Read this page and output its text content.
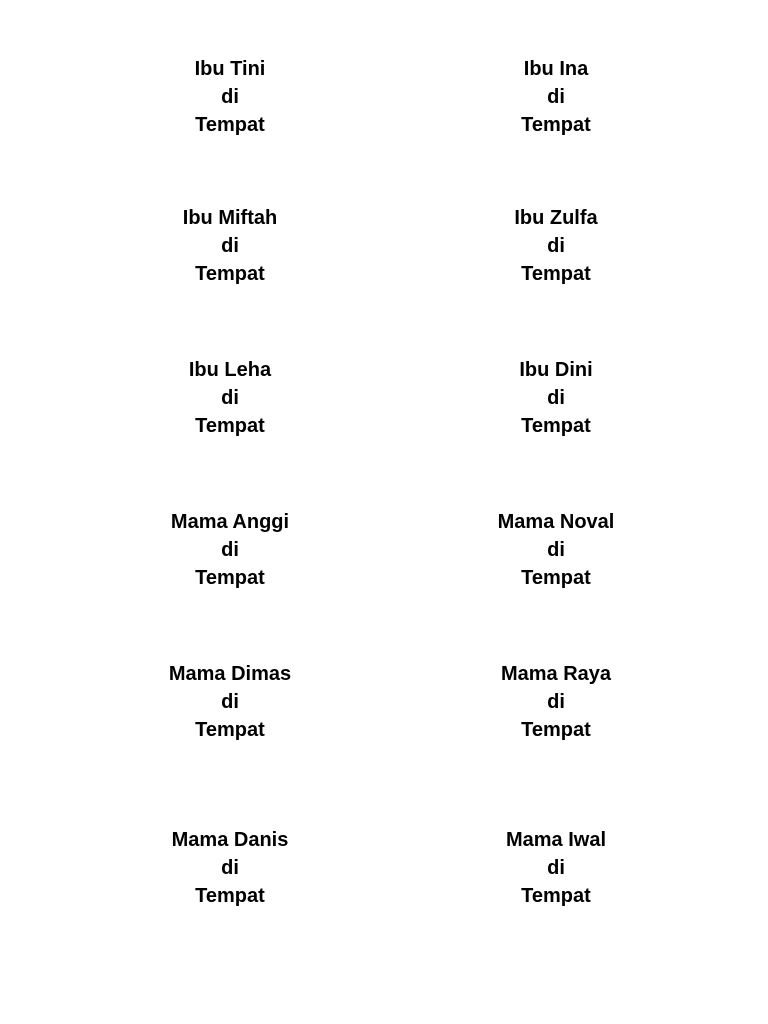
Ibu Tini
di
Tempat
Ibu Ina
di
Tempat
Ibu Miftah
di
Tempat
Ibu Zulfa
di
Tempat
Ibu Leha
di
Tempat
Ibu Dini
di
Tempat
Mama Anggi
di
Tempat
Mama Noval
di
Tempat
Mama Dimas
di
Tempat
Mama Raya
di
Tempat
Mama Danis
di
Tempat
Mama Iwal
di
Tempat
